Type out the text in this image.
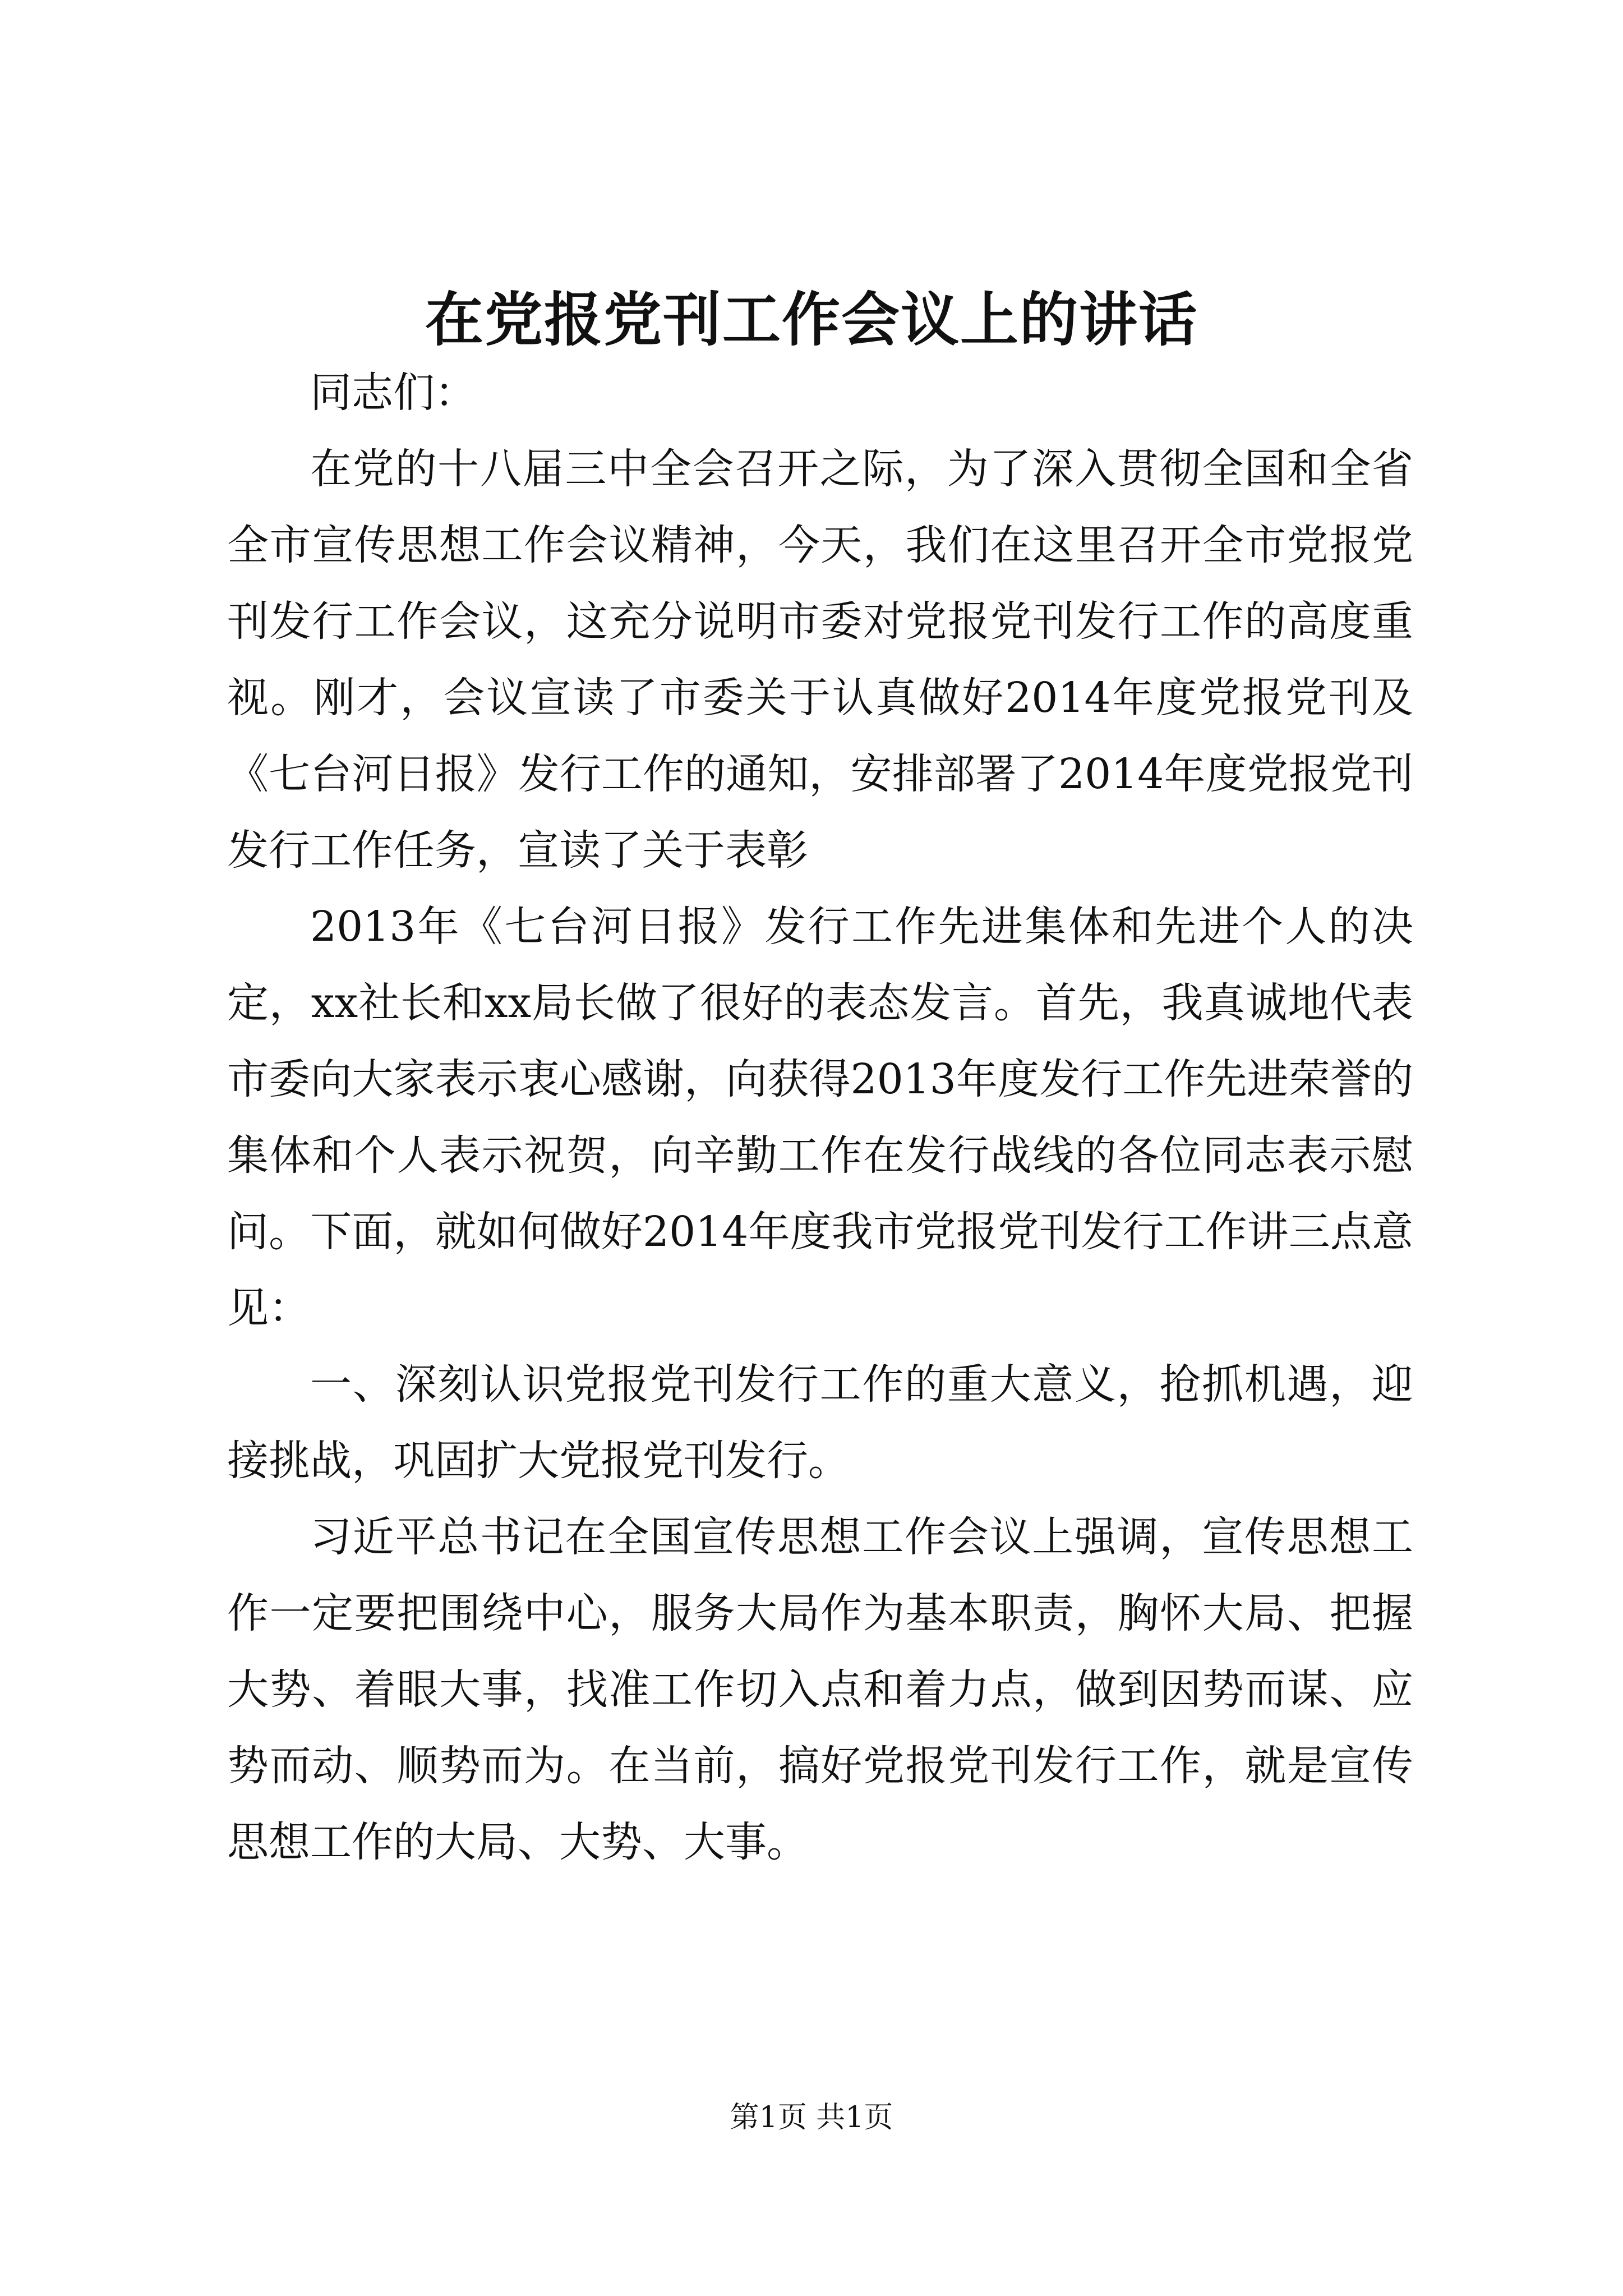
在党报党刊工作会议上的讲话

同志们：

在党的十八届三中全会召开之际，为了深入贯彻全国和全省全市宣传思想工作会议精神，今天，我们在这里召开全市党报党刊发行工作会议，这充分说明市委对党报党刊发行工作的高度重视。刚才，会议宣读了市委关于认真做好2014年度党报党刊及《七台河日报》发行工作的通知，安排部署了2014年度党报党刊发行工作任务，宣读了关于表彰

2013年《七台河日报》发行工作先进集体和先进个人的决定，xx社长和xx局长做了很好的表态发言。首先，我真诚地代表市委向大家表示衷心感谢，向获得2013年度发行工作先进荣誉的集体和个人表示祝贺，向辛勤工作在发行战线的各位同志表示慰问。下面，就如何做好2014年度我市党报党刊发行工作讲三点意见：

一、深刻认识党报党刊发行工作的重大意义，抢抓机遇，迎接挑战，巩固扩大党报党刊发行。

习近平总书记在全国宣传思想工作会议上强调，宣传思想工作一定要把围绕中心，服务大局作为基本职责，胸怀大局、把握大势、着眼大事，找准工作切入点和着力点，做到因势而谋、应势而动、顺势而为。在当前，搞好党报党刊发行工作，就是宣传思想工作的大局、大势、大事。

第1页 共1页
